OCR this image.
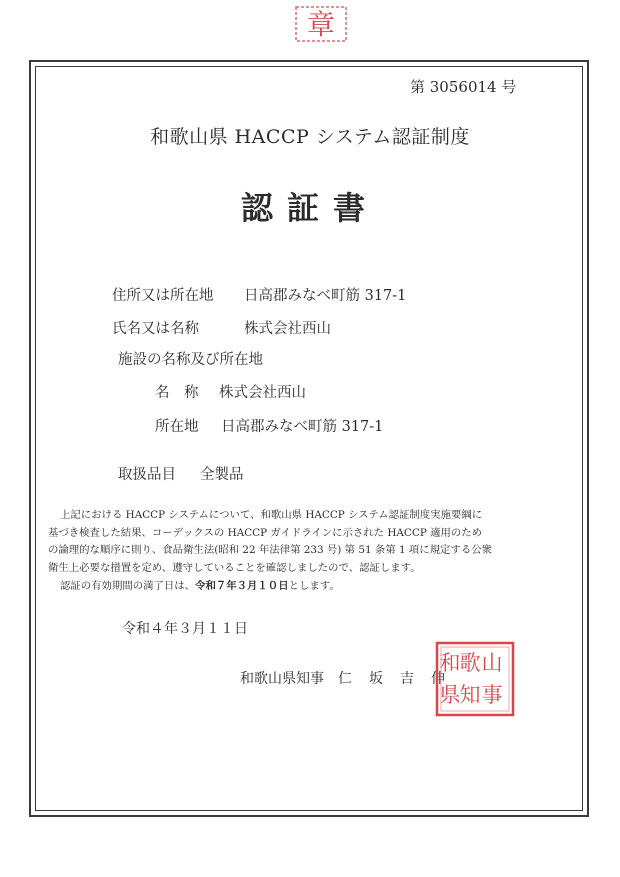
章
第 3056014 号
和歌山県 HACCP システム認証制度
認証書
住所又は所在地 日高郡みなべ町筋 317-1
氏名又は名称	株式会社西山
施設の名称及び所在地
名　称 株式会社西山
所在地 日高郡みなべ町筋 317-1
取扱品目 全製品

上記における HACCP システムについて、和歌山県 HACCP システム認証制度実施要綱に

基づき検査した結果、コーデックスの HACCP ガイドラインに示された HACCP 適用のため

の論理的な順序に則り、食品衛生法(昭和 22 年法律第 233 号) 第 51 条第 1 項に規定する公衆

衛生上必要な措置を定め、遵守していることを確認しましたので、認証します。

認証の有効期間の満了日は、令和７年３月１０日とします。

令和４年３月１１日
和歌山県知事 仁坂吉伸
山
事
歌
知
和
県
